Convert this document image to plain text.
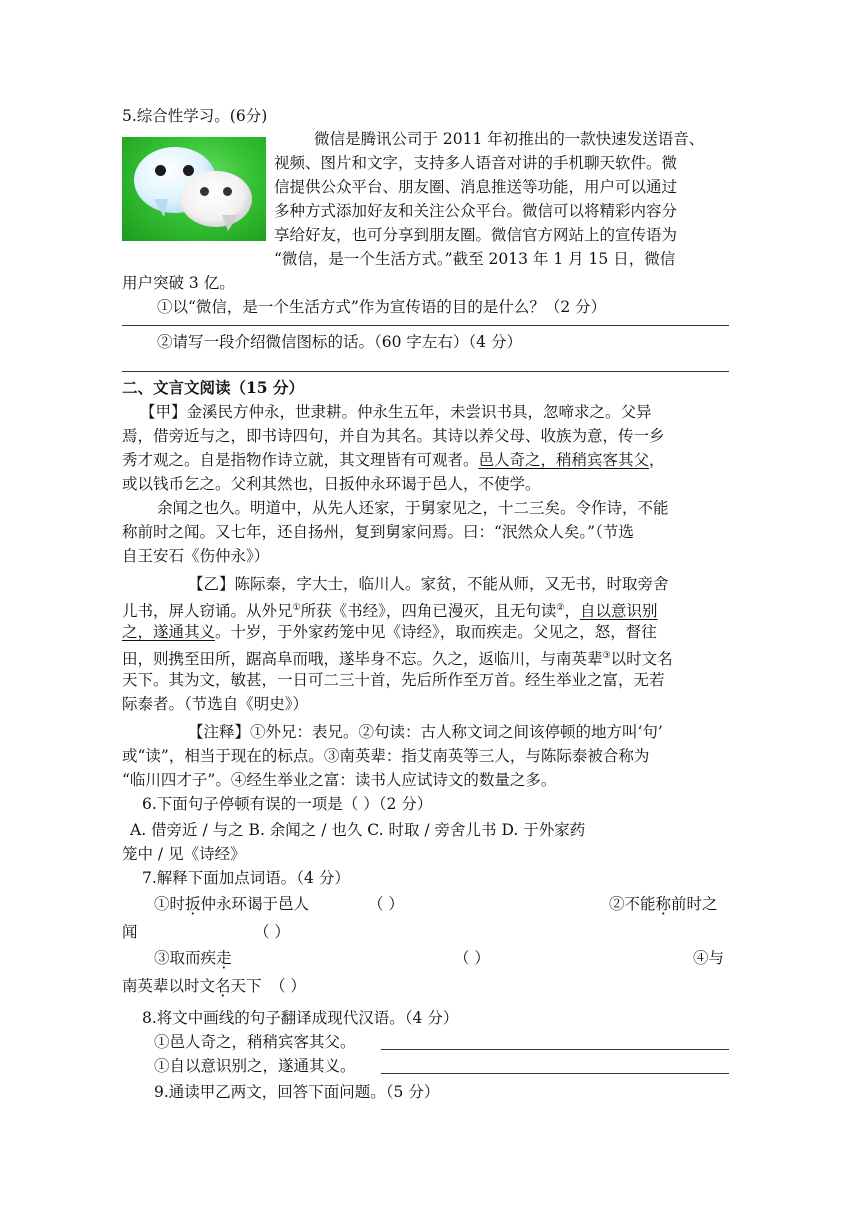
5.综合性学习。(6分)
微信是腾讯公司于 2011 年初推出的一款快速发送语音、
视频、图片和文字，支持多人语音对讲的手机聊天软件。微
信提供公众平台、朋友圈、消息推送等功能，用户可以通过
多种方式添加好友和关注公众平台。微信可以将精彩内容分
享给好友，也可分享到朋友圈。微信官方网站上的宣传语为
“微信，是一个生活方式。”截至 2013 年 1 月 15 日，微信
用户突破 3 亿。
①以“微信，是一个生活方式”作为宣传语的目的是什么？（2 分）
②请写一段介绍微信图标的话。（60 字左右）（4 分）
二、文言文阅读（15 分）
【甲】金溪民方仲永，世隶耕。仲永生五年，未尝识书具，忽啼求之。父异
焉，借旁近与之，即书诗四句，并自为其名。其诗以养父母、收族为意，传一乡
秀才观之。自是指物作诗立就，其文理皆有可观者。邑人奇之，稍稍宾客其父，
或以钱币乞之。父利其然也，日扳仲永环谒于邑人，不使学。
余闻之也久。明道中，从先人还家，于舅家见之，十二三矣。令作诗，不能
称前时之闻。又七年，还自扬州，复到舅家问焉。曰：“泯然众人矣。”（节选
自王安石《伤仲永》）
【乙】陈际泰，字大士，临川人。家贫，不能从师，又无书，时取旁舍
儿书，屏人窃诵。从外兄①所获《书经》，四角已漫灭，且无句读②，自以意识别
之，遂通其义。十岁，于外家药笼中见《诗经》，取而疾走。父见之，怒，督往
田，则携至田所，踞高阜而哦，遂毕身不忘。久之，返临川，与南英辈③以时文名
天下。其为文，敏甚，一日可二三十首，先后所作至万首。经生举业之富，无若
际泰者。（节选自《明史》）
【注释】①外兄：表兄。②句读：古人称文词之间该停顿的地方叫‘句’
或“读”，相当于现在的标点。③南英辈：指艾南英等三人，与陈际泰被合称为
“临川四才子”。④经生举业之富：读书人应试诗文的数量之多。
6.下面句子停顿有误的一项是（ ）（2 分）
A. 借旁近 / 与之 B. 余闻之 / 也久 C. 时取 / 旁舍儿书 D. 于外家药
笼中 / 见《诗经》
7.解释下面加点词语。（4 分）
①时扳仲永环谒于邑人	（ ）	②不能称前时之
闻	（ ）
③取而疾走	（ ）	④与
南英辈以时文名天下 （ ）
8.将文中画线的句子翻译成现代汉语。（4 分）
①邑人奇之，稍稍宾客其父。
①自以意识别之，遂通其义。
9.通读甲乙两文，回答下面问题。（5 分）
